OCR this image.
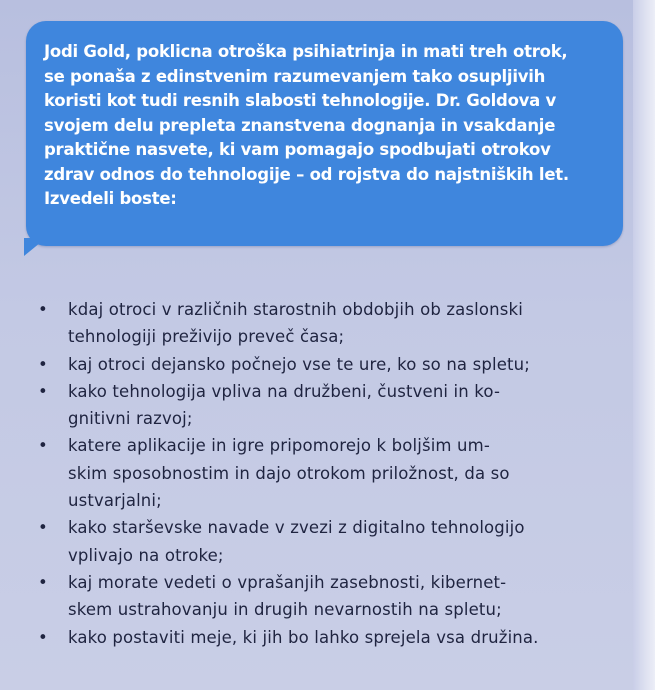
Jodi Gold, poklicna otroška psihiatrinja in mati treh otrok,
se ponaša z edinstvenim razumevanjem tako osupljivih
koristi kot tudi resnih slabosti tehnologije. Dr. Goldova v
svojem delu prepleta znanstvena dognanja in vsakdanje
praktične nasvete, ki vam pomagajo spodbujati otrokov
zdrav odnos do tehnologije – od rojstva do najstniških let.
Izvedeli boste:

• kdaj otroci v različnih starostnih obdobjih ob zaslonski
tehnologiji preživijo preveč časa;
• kaj otroci dejansko počnejo vse te ure, ko so na spletu;
• kako tehnologija vpliva na družbeni, čustveni in ko-
gnitivni razvoj;
• katere aplikacije in igre pripomorejo k boljšim um-
skim sposobnostim in dajo otrokom priložnost, da so
ustvarjalni;
• kako starševske navade v zvezi z digitalno tehnologijo
vplivajo na otroke;
• kaj morate vedeti o vprašanjih zasebnosti, kibernet-
skem ustrahovanju in drugih nevarnostih na spletu;
• kako postaviti meje, ki jih bo lahko sprejela vsa družina.
